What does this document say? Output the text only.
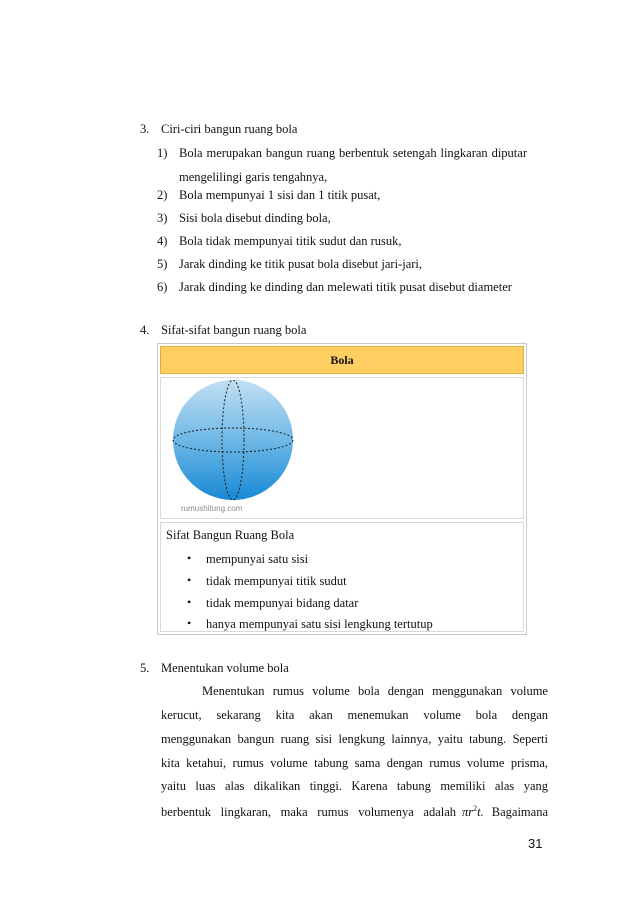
3. Ciri-ciri bangun ruang bola
1) Bola merupakan bangun ruang berbentuk setengah lingkaran diputar
mengelilingi garis tengahnya,
2) Bola mempunyai 1 sisi dan 1 titik pusat,
3) Sisi bola disebut dinding bola,
4) Bola tidak mempunyai titik sudut dan rusuk,
5) Jarak dinding ke titik pusat bola disebut jari-jari,
6) Jarak dinding ke dinding dan melewati titik pusat disebut diameter
4. Sifat-sifat bangun ruang bola
Bola
rumushitung.com
Sifat Bangun Ruang Bola
• mempunyai satu sisi
• tidak mempunyai titik sudut
• tidak mempunyai bidang datar
• hanya mempunyai satu sisi lengkung tertutup
5. Menentukan volume bola
Menentukan rumus volume bola dengan menggunakan volume
kerucut, sekarang kita akan menemukan volume bola dengan
menggunakan bangun ruang sisi lengkung lainnya, yaitu tabung. Seperti
kita ketahui, rumus volume tabung sama dengan rumus volume prisma,
yaitu luas alas dikalikan tinggi. Karena tabung memiliki alas yang
berbentuk lingkaran, maka rumus volumenya adalah $\pi r^2t$. Bagaimana
31
